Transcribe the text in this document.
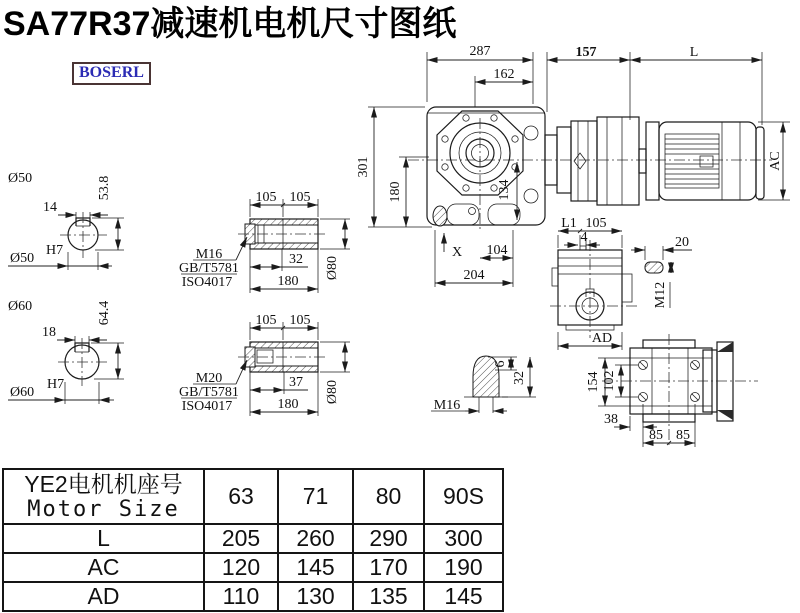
287
162
157	L
AC
301
180
X 104
204
134
Ø50
14
53.8
Ø50
H7
Ø60
18
64.4
Ø60
H7
105 105
32
180
Ø80
M16
GB/T5781
ISO4017
105 105
37
180
Ø80
M20
GB/T5781
ISO4017	M16
6
32
L1 105
4
AD
20
M12
154 102
38
85 85
SA77R37减速机电机尺寸图纸
BOSERL
YE2电机机座号
Motor Size	63	71	80	90S
L	205	260	290	300
AC	120	145	170	190
AD	110	130	135	145
